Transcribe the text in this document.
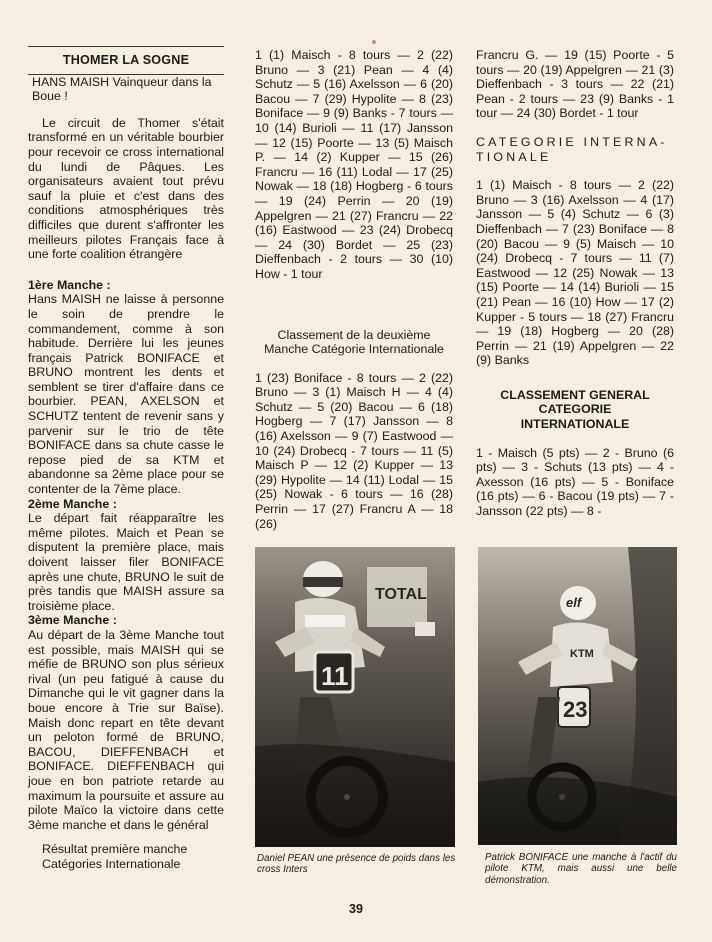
THOMER LA SOGNE

HANS MAISH Vainqueur dans la Boue !

Le circuit de Thomer s'était transformé en un véritable bourbier pour recevoir ce cross international du lundi de Pâques. Les organisateurs avaient tout prévu sauf la pluie et c'est dans des conditions atmosphériques très difficiles que durent s'affronter les meilleurs pilotes Français face à une forte coalition étrangère

1ère Manche :

Hans MAISH ne laisse à personne le soin de prendre le commandement, comme à son habitude. Derrière lui les jeunes français Patrick BONIFACE et BRUNO montrent les dents et semblent se tirer d'affaire dans ce bourbier. PEAN, AXELSON et SCHUTZ tentent de revenir sans y parvenir sur le trio de tête BONIFACE dans sa chute casse le repose pied de sa KTM et abandonne sa 2ème place pour se contenter de la 7ème place.

2ème Manche :

Le départ fait réapparaître les même pilotes. Maich et Pean se disputent la première place, mais doivent laisser filer BONIFACE après une chute, BRUNO le suit de près tandis que MAISH assure sa troisième place.

3ème Manche :

Au départ de la 3ème Manche tout est possible, mais MAISH qui se méfie de BRUNO son plus sérieux rival (un peu fatigué à cause du Dimanche qui le vit gagner dans la boue encore à Trie sur Baïse). Maish donc repart en tête devant un peloton formé de BRUNO, BACOU, DIEFFENBACH et BONIFACE. DIEFFENBACH qui joue en bon patriote retarde au maximum la poursuite et assure au pilote Maïco la victoire dans cette 3ème manche et dans le général

Résultat première manche

Catégories Internationale

1 (1) Maisch - 8 tours — 2 (22) Bruno — 3 (21) Pean — 4 (4) Schutz — 5 (16) Axelsson — 6 (20) Bacou — 7 (29) Hypolite — 8 (23) Boniface — 9 (9) Banks - 7 tours — 10 (14) Burioli — 11 (17) Jansson — 12 (15) Poorte — 13 (5) Maisch P. — 14 (2) Kupper — 15 (26) Francru — 16 (11) Lodal — 17 (25) Nowak — 18 (18) Hogberg - 6 tours — 19 (24) Perrin — 20 (19) Appelgren — 21 (27) Francru — 22 (16) Eastwood — 23 (24) Drobecq — 24 (30) Bordet — 25 (23) Dieffenbach - 2 tours — 30 (10) How - 1 tour

Classement de la deuxième Manche Catégorie Internationale

1 (23) Boniface - 8 tours — 2 (22) Bruno — 3 (1) Maisch H — 4 (4) Schutz — 5 (20) Bacou — 6 (18) Hogberg — 7 (17) Jansson — 8 (16) Axelsson — 9 (7) Eastwood — 10 (24) Drobecq - 7 tours — 11 (5) Maisch P — 12 (2) Kupper — 13 (29) Hypolite — 14 (11) Lodal — 15 (25) Nowak - 6 tours — 16 (28) Perrin — 17 (27) Francru A — 18 (26)

Francru G. — 19 (15) Poorte - 5 tours — 20 (19) Appelgren — 21 (3) Dieffenbach - 3 tours — 22 (21) Pean - 2 tours — 23 (9) Banks - 1 tour — 24 (30) Bordet - 1 tour

CATEGORIE INTERNA-

TIONALE

1 (1) Maisch - 8 tours — 2 (22) Bruno — 3 (16) Axelsson — 4 (17) Jansson — 5 (4) Schutz — 6 (3) Dieffenbach — 7 (23) Boniface — 8 (20) Bacou — 9 (5) Maisch — 10 (24) Drobecq - 7 tours — 11 (7) Eastwood — 12 (25) Nowak — 13 (15) Poorte — 14 (14) Burioli — 15 (21) Pean — 16 (10) How — 17 (2) Kupper - 5 tours — 18 (27) Francru — 19 (18) Hogberg — 20 (28) Perrin — 21 (19) Appelgren — 22 (9) Banks

CLASSEMENT GENERAL

CATEGORIE

INTERNATIONALE

1 - Maisch (5 pts) — 2 - Bruno (6 pts) — 3 - Schuts (13 pts) — 4 - Axesson (16 pts) — 5 - Boniface (16 pts) — 6 - Bacou (19 pts) — 7 - Jansson (22 pts) — 8 -

TOTAL
11
elf
KTM
23
Daniel PEAN une présence de poids dans les cross Inters
Patrick BONIFACE une manche à l'actif du pilote KTM, mais aussi une belle démonstration.
39
